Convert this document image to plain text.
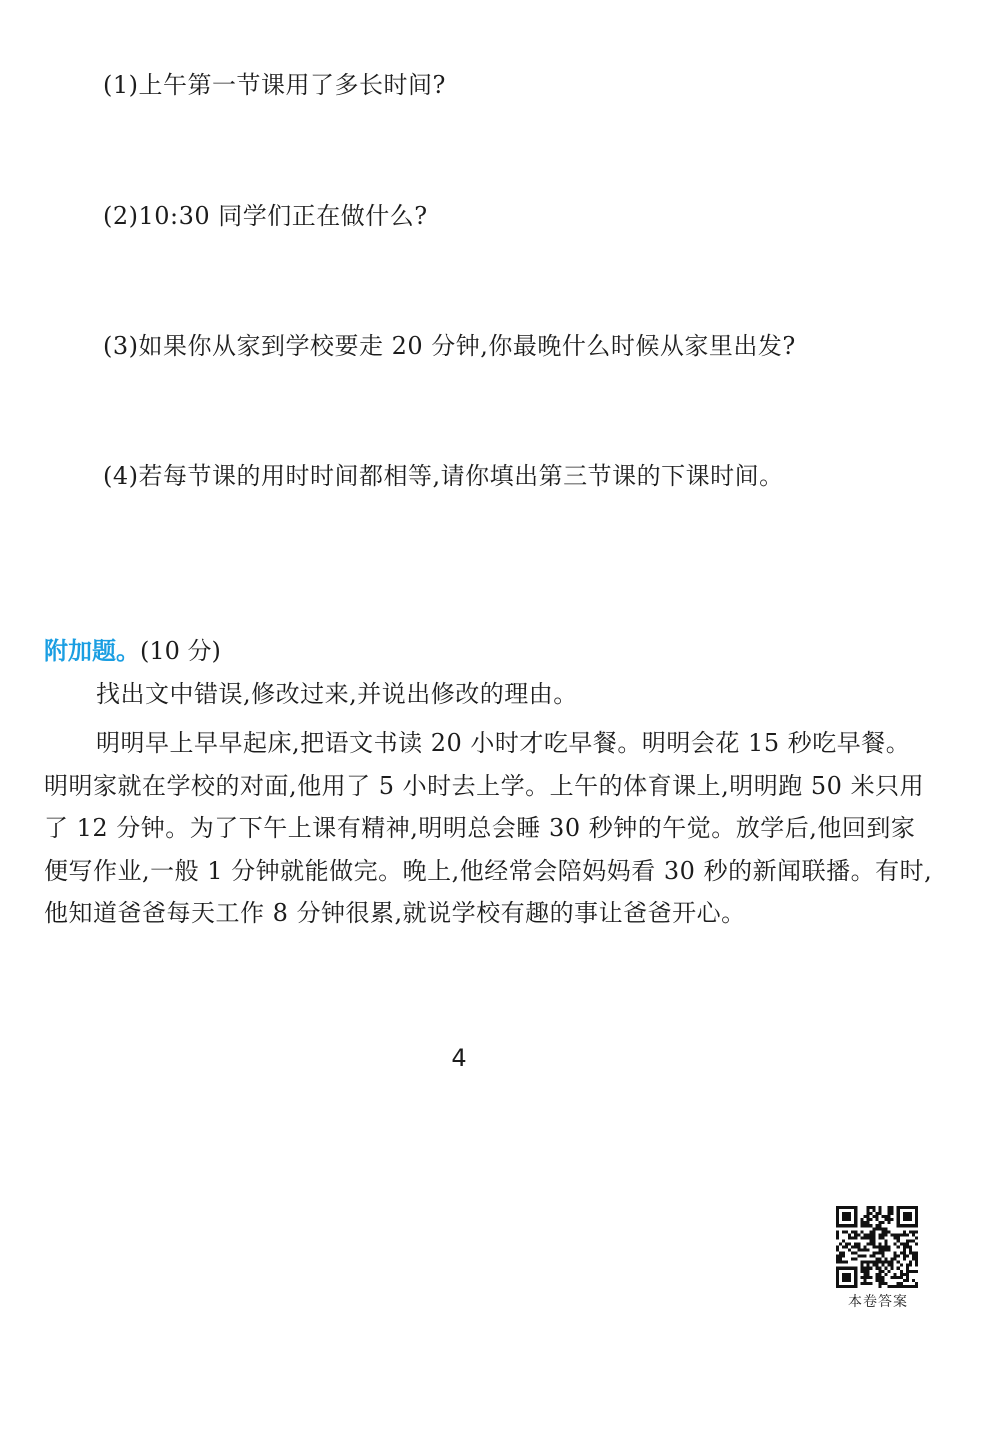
(1)上午第一节课用了多长时间?
(2)10:30 同学们正在做什么?
(3)如果你从家到学校要走 20 分钟,你最晚什么时候从家里出发?
(4)若每节课的用时时间都相等,请你填出第三节课的下课时间。
附加题。(10 分)
找出文中错误,修改过来,并说出修改的理由。

明明早上早早起床,把语文书读 20 小时才吃早餐。明明会花 15 秒吃早餐。明明家就在学校的对面,他用了 5 小时去上学。上午的体育课上,明明跑 50 米只用了 12 分钟。为了下午上课有精神,明明总会睡 30 秒钟的午觉。放学后,他回到家便写作业,一般 1 分钟就能做完。晚上,他经常会陪妈妈看 30 秒的新闻联播。有时,他知道爸爸每天工作 8 分钟很累,就说学校有趣的事让爸爸开心。

本卷答案
4
